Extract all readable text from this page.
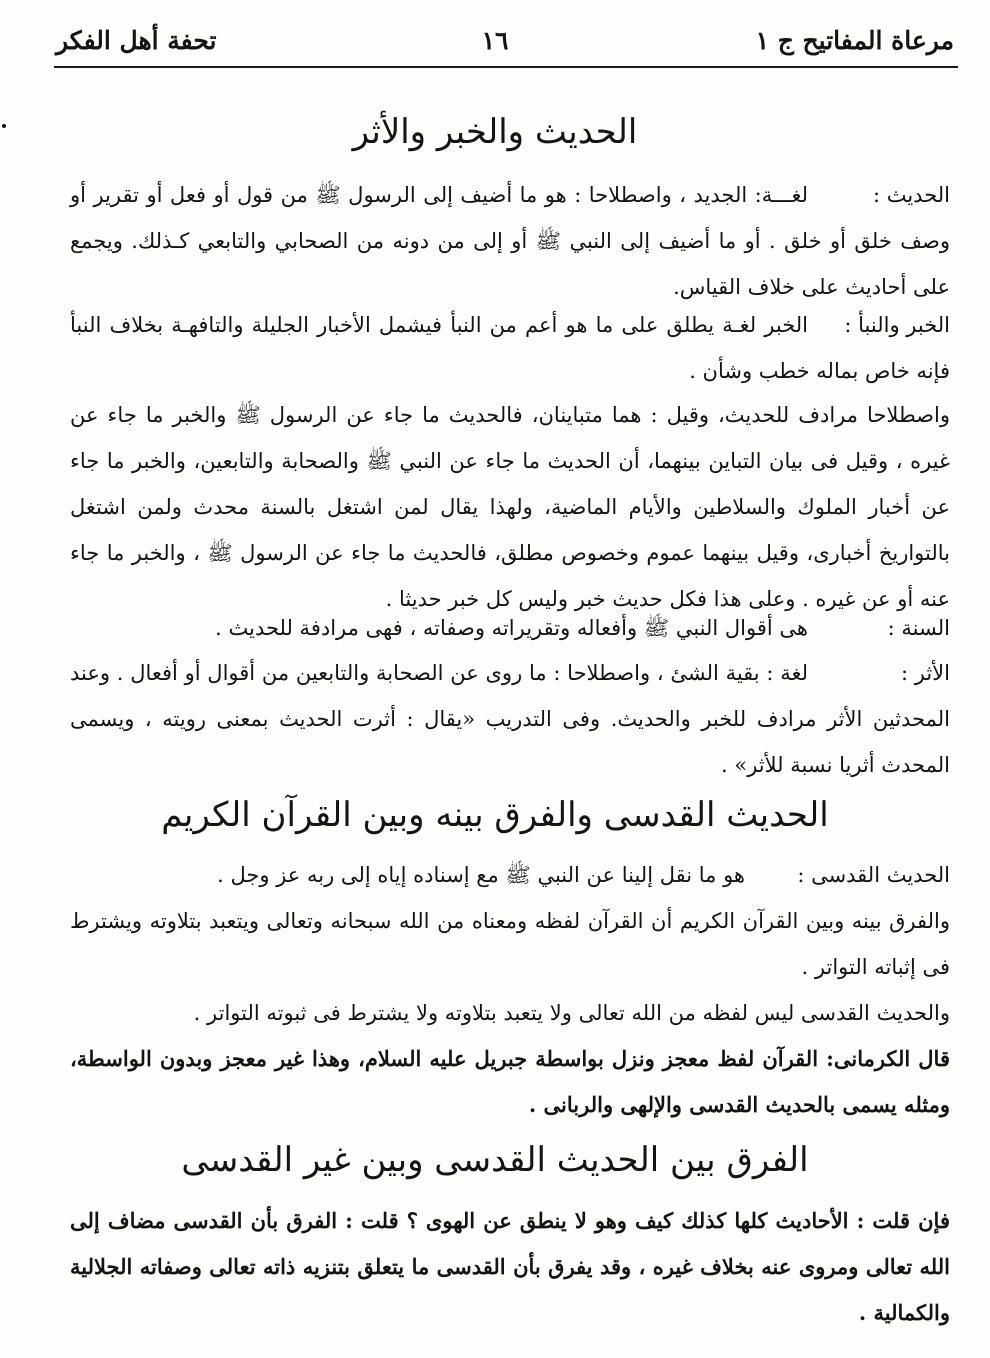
مرعاة المفاتيح ج ١
١٦
تحفة أهل الفكر
الحديث والخبر والأثر
الحديث :

لغـــة: الجديد ، واصطلاحا : هو ما أضيف إلى الرسول ﷺ من قول أو فعل أو تقرير أو وصف خلق أو خلق . أو ما أضيف إلى النبي ﷺ أو إلى من دونه من الصحابي والتابعي كـذلك. ويجمع على أحاديث على خلاف القياس.

الخبر والنبأ :

الخبر لغـة يطلق على ما هو أعم من النبأ فيشمل الأخبار الجليلة والتافهـة بخلاف النبأ فإنه خاص بماله خطب وشأن .

واصطلاحا مرادف للحديث، وقيل : هما متباينان، فالحديث ما جاء عن الرسول ﷺ والخبر ما جاء عن غيره ، وقيل فى بيان التباين بينهما، أن الحديث ما جاء عن النبي ﷺ والصحابة والتابعين، والخبر ما جاء عن أخبار الملوك والسلاطين والأيام الماضية، ولهذا يقال لمن اشتغل بالسنة محدث ولمن اشتغل بالتواريخ أخبارى، وقيل بينهما عموم وخصوص مطلق، فالحديث ما جاء عن الرسول ﷺ ، والخبر ما جاء عنه أو عن غيره . وعلى هذا فكل حديث خبر وليس كل خبر حديثا .

السنة :

هى أقوال النبي ﷺ وأفعاله وتقريراته وصفاته ، فهى مرادفة للحديث .

الأثر :

لغة : بقية الشئ ، واصطلاحا : ما روى عن الصحابة والتابعين من أقوال أو أفعال . وعند المحدثين الأثر مرادف للخبر والحديث. وفى التدريب «يقال : أثرت الحديث بمعنى رويته ، ويسمى المحدث أثريا نسبة للأثر» .

الحديث القدسى والفرق بينه وبين القرآن الكريم
الحديث القدسى :

هو ما نقل إلينا عن النبي ﷺ مع إسناده إياه إلى ربه عز وجل .

والفرق بينه وبين القرآن الكريم أن القرآن لفظه ومعناه من الله سبحانه وتعالى ويتعبد بتلاوته ويشترط فى إثباته التواتر .

والحديث القدسى ليس لفظه من الله تعالى ولا يتعبد بتلاوته ولا يشترط فى ثبوته التواتر .

قال الكرمانى: القرآن لفظ معجز ونزل بواسطة جبريل عليه السلام، وهذا غير معجز وبدون الواسطة، ومثله يسمى بالحديث القدسى والإلهى والربانى .

الفرق بين الحديث القدسى وبين غير القدسى

فإن قلت : الأحاديث كلها كذلك كيف وهو لا ينطق عن الهوى ؟ قلت : الفرق بأن القدسى مضاف إلى الله تعالى ومروى عنه بخلاف غيره ، وقد يفرق بأن القدسى ما يتعلق بتنزيه ذاته تعالى وصفاته الجلالية والكمالية .
